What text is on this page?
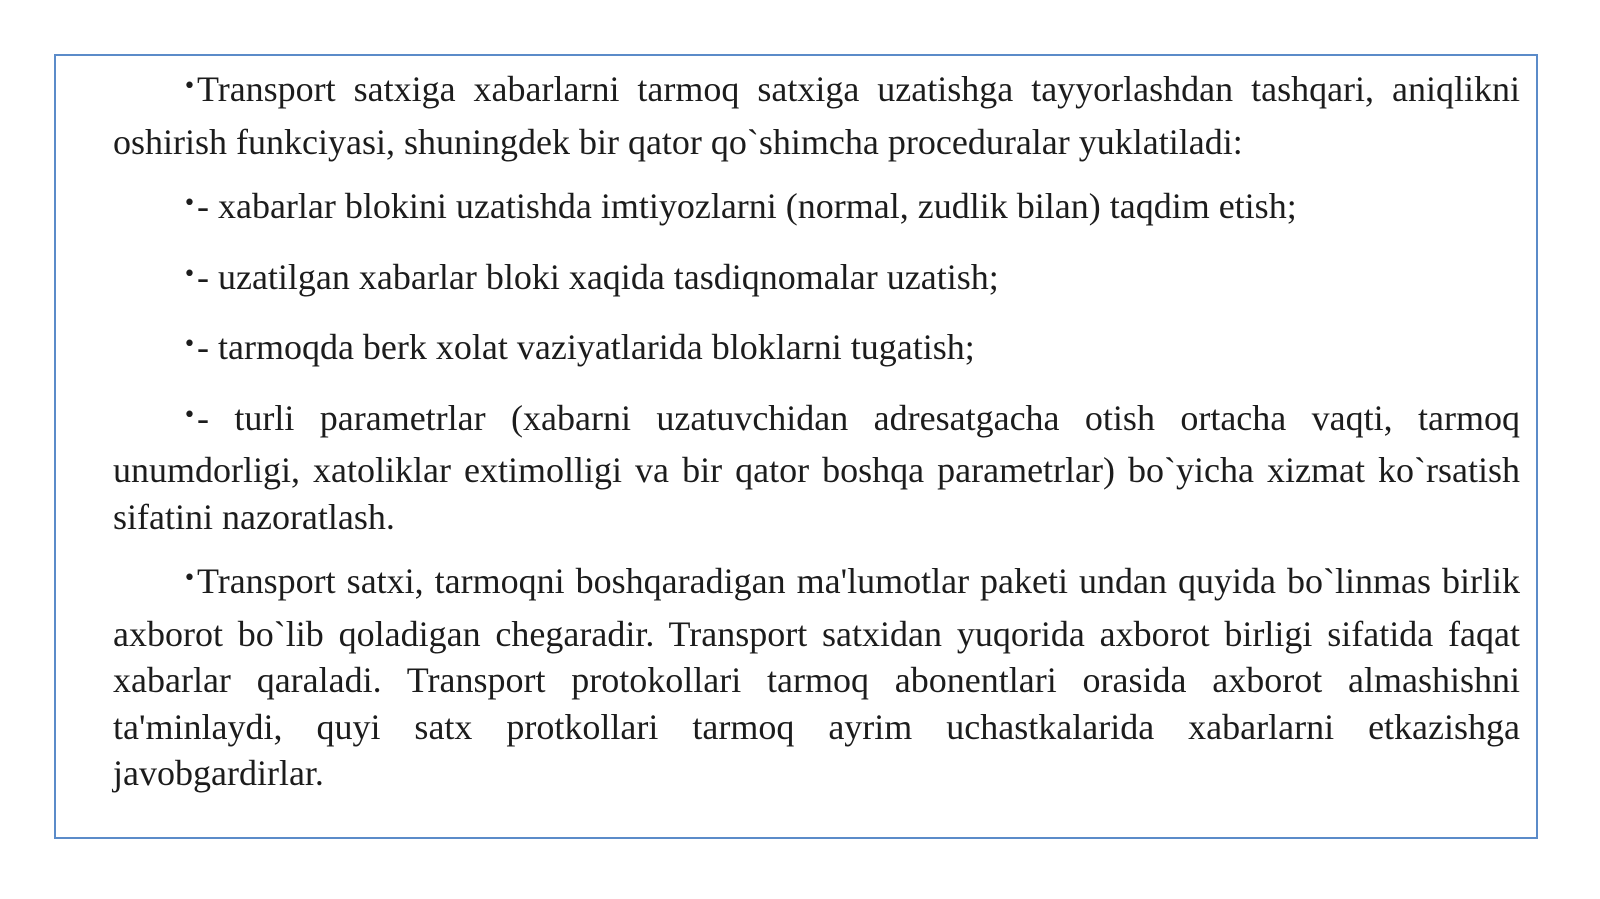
•Transport satxiga xabarlarni tarmoq satxiga uzatishga tayyorlashdan tashqari, aniqlikni oshirish funkciyasi, shuningdek bir qator qo`shimcha proceduralar yuklatiladi:

•- xabarlar blokini uzatishda imtiyozlarni (normal, zudlik bilan) taqdim etish;

•- uzatilgan xabarlar bloki xaqida tasdiqnomalar uzatish;

•- tarmoqda berk xolat vaziyatlarida bloklarni tugatish;

•- turli parametrlar (xabarni uzatuvchidan adresatgacha otish ortacha vaqti, tarmoq unumdorligi, xatoliklar extimolligi va bir qator boshqa parametrlar) bo`yicha xizmat ko`rsatish sifatini nazoratlash.

•Transport satxi, tarmoqni boshqaradigan ma'lumotlar paketi undan quyida bo`linmas birlik axborot bo`lib qoladigan chegaradir. Transport satxidan yuqorida axborot birligi sifatida faqat xabarlar qaraladi. Transport protokollari tarmoq abonentlari orasida axborot almashishni ta'minlaydi, quyi satx protkollari tarmoq ayrim uchastkalarida xabarlarni etkazishga javobgardirlar.
